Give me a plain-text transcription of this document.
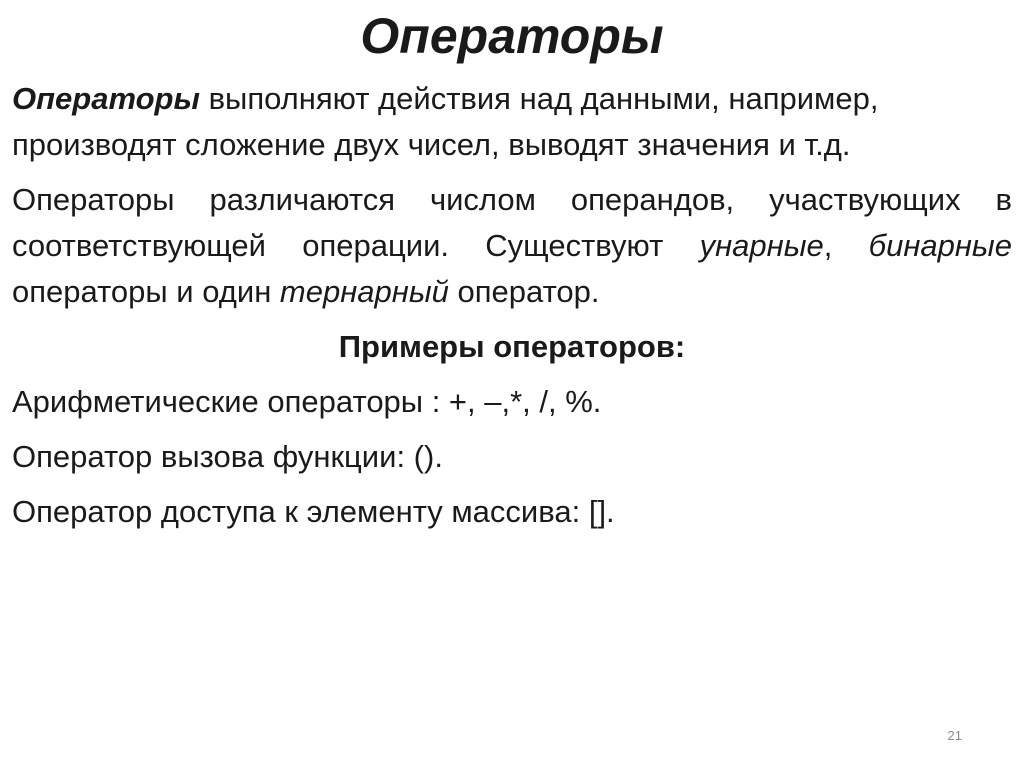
Операторы

Операторы выполняют действия над данными, например, производят сложение двух чисел, выводят значения и т.д.

Операторы различаются числом операндов, участвующих в соответствующей операции. Существуют унарные, бинарные операторы и один тернарный оператор.

Примеры операторов:

Арифметические операторы : +, –,*, /, %.

Оператор вызова функции: ().

Оператор доступа к элементу массива: [].

21
